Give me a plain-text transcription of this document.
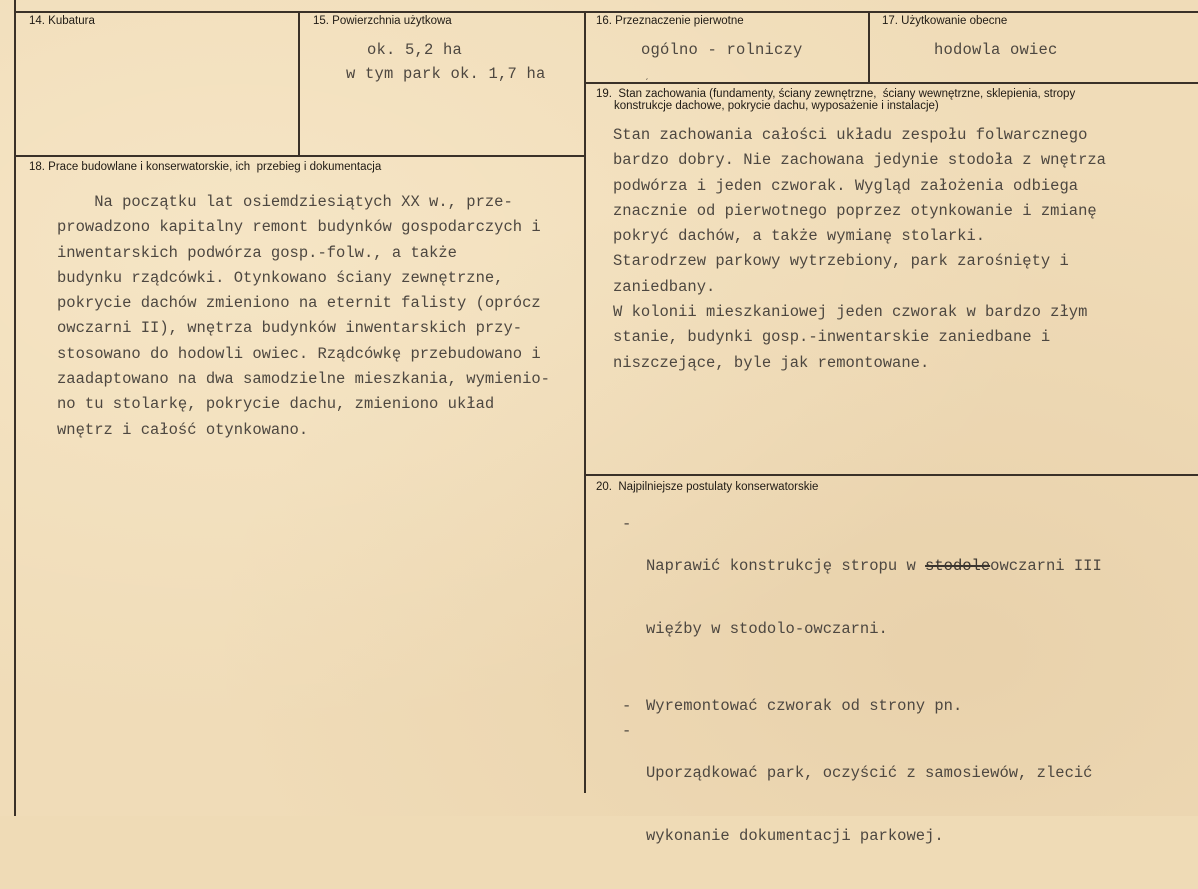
14. Kubatura	15. Powierzchnia użytkowa
ok. 5,2 ha
w tym park ok. 1,7 ha
16. Przeznaczenie pierwotne
ogólno - rolniczy
ˏ
17. Użytkowanie obecne
hodowla owiec
19.  Stan zachowania (fundamenty, ściany zewnętrzne,  ściany wewnętrzne, sklepienia, stropy
konstrukcje dachowe, pokrycie dachu, wyposażenie i instalacje)
Stan zachowania całości układu zespołu folwarcznego
bardzo dobry. Nie zachowana jedynie stodoła z wnętrza
podwórza i jeden czworak. Wygląd założenia odbiega
znacznie od pierwotnego poprzez otynkowanie i zmianę
pokryć dachów, a także wymianę stolarki.
Starodrzew parkowy wytrzebiony, park zarośnięty i
zaniedbany.
W kolonii mieszkaniowej jeden czworak w bardzo złym
stanie, budynki gosp.-inwentarskie zaniedbane i
niszczejące, byle jak remontowane.
18. Prace budowlane i konserwatorskie, ich  przebieg i dokumentacja
Na początku lat osiemdziesiątych XX w., prze-
prowadzono kapitalny remont budynków gospodarczych i
inwentarskich podwórza gosp.-folw., a także
budynku rządcówki. Otynkowano ściany zewnętrzne,
pokrycie dachów zmieniono na eternit falisty (oprócz
owczarni II), wnętrza budynków inwentarskich przy-
stosowano do hodowli owiec. Rządcówkę przebudowano i
zaadaptowano na dwa samodzielne mieszkania, wymienio-
no tu stolarkę, pokrycie dachu, zmieniono układ
wnętrz i całość otynkowano.
20.  Najpilniejsze postulaty konserwatorskie
-

Naprawić konstrukcję stropu w stodoleowczarni III

więźby w stodolo-owczarni.

- Wyremontować czworak od strony pn.
-

Uporządkować park, oczyścić z samosiewów, zlecić

wykonanie dokumentacji parkowej.
